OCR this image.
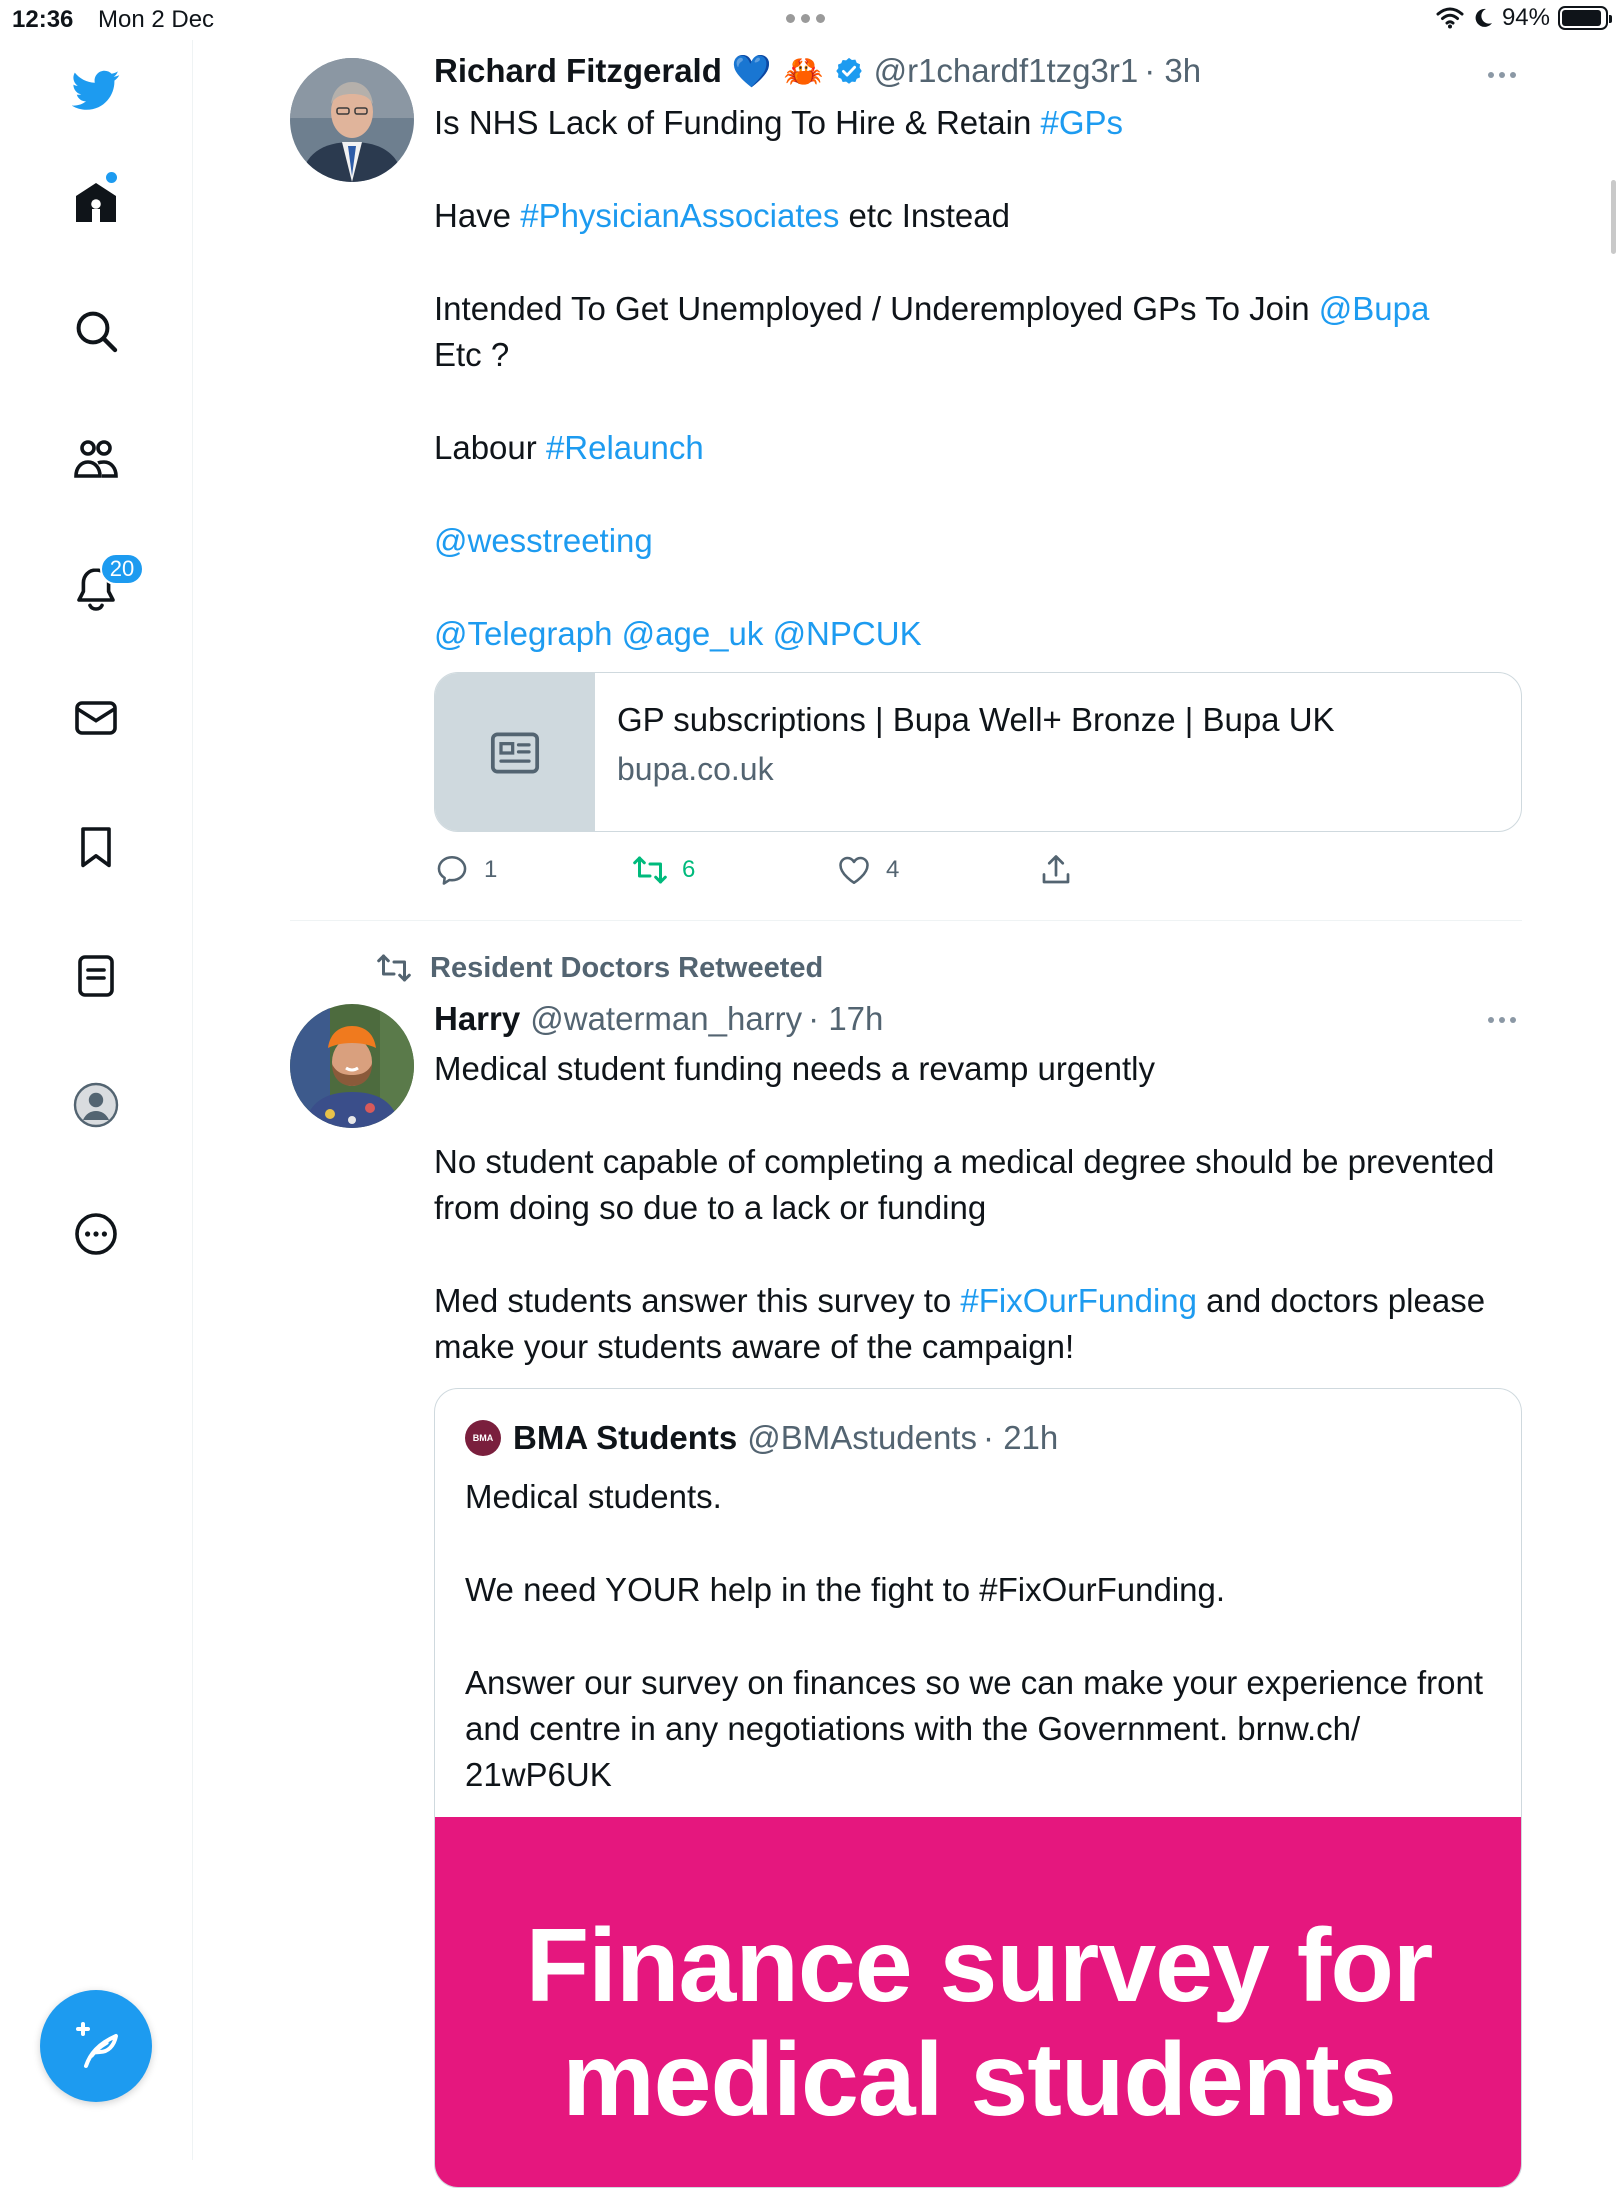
12:36 Mon 2 Dec	94%
20
Richard Fitzgerald 💙 🦀 @r1chardf1tzg3r1 · 3h

Is NHS Lack of Funding To Hire & Retain #GPs

Have #PhysicianAssociates etc Instead

Intended To Get Unemployed / Underemployed GPs To Join @Bupa
Etc ?

Labour #Relaunch

@wesstreeting

@Telegraph @age_uk @NPCUK

GP subscriptions | Bupa Well+ Bronze | Bupa UK
bupa.co.uk
1	6	4
Resident Doctors Retweeted
Harry @waterman_harry · 17h

Medical student funding needs a revamp urgently

No student capable of completing a medical degree should be prevented from doing so due to a lack or funding

Med students answer this survey to #FixOurFunding and doctors please make your students aware of the campaign!

BMA BMA Students @BMAstudents · 21h

Medical students.

We need YOUR help in the fight to #FixOurFunding.

Answer our survey on finances so we can make your experience front and centre in any negotiations with the Government. brnw.ch/ 21wP6UK

Finance survey for
medical students
